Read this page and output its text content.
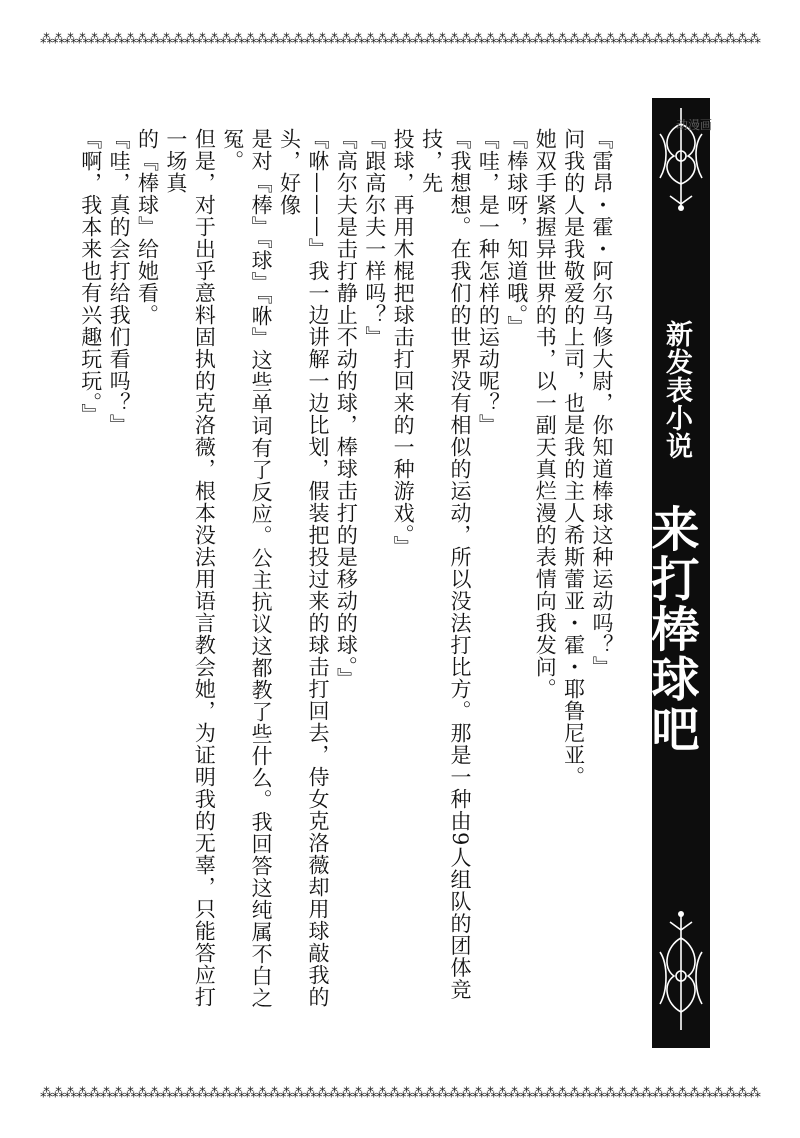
⁂⁂⁂⁂⁂⁂⁂⁂⁂⁂⁂⁂⁂⁂⁂⁂⁂⁂⁂⁂⁂⁂⁂⁂⁂⁂⁂⁂⁂⁂⁂⁂⁂⁂⁂⁂⁂⁂⁂⁂⁂⁂⁂⁂⁂⁂⁂⁂⁂⁂⁂⁂⁂⁂⁂⁂⁂⁂⁂⁂
『雷昂・霍・阿尔马修大尉，你知道棒球这种运动吗？』
问我的人是我敬爱的上司，也是我的主人希斯蕾亚・霍・耶鲁尼亚。
她双手紧握异世界的书，以一副天真烂漫的表情向我发问。
『棒球呀，知道哦。』
『哇，是一种怎样的运动呢？』
『我想想。在我们的世界没有相似的运动，所以没法打比方。那是一种由9人组队的团体竞技，先
投球，再用木棍把球击打回来的一种游戏。』
『跟高尔夫一样吗？』
『高尔夫是击打静止不动的球，棒球击打的是移动的球。』
『咻———』我一边讲解一边比划，假装把投过来的球击打回去，侍女克洛薇却用球敲我的头，好像
是对『棒』『球』『咻』这些单词有了反应。公主抗议这都教了些什么。我回答这纯属不白之冤。
但是，对于出乎意料固执的克洛薇，根本没法用语言教会她，为证明我的无辜，只能答应打一场真
的『棒球』给她看。
『哇，真的会打给我们看吗？』
『啊，我本来也有兴趣玩玩。』	新发表小说
来打棒球吧
动漫画
⁂⁂⁂⁂⁂⁂⁂⁂⁂⁂⁂⁂⁂⁂⁂⁂⁂⁂⁂⁂⁂⁂⁂⁂⁂⁂⁂⁂⁂⁂⁂⁂⁂⁂⁂⁂⁂⁂⁂⁂⁂⁂⁂⁂⁂⁂⁂⁂⁂⁂⁂⁂⁂⁂⁂⁂⁂⁂⁂⁂
